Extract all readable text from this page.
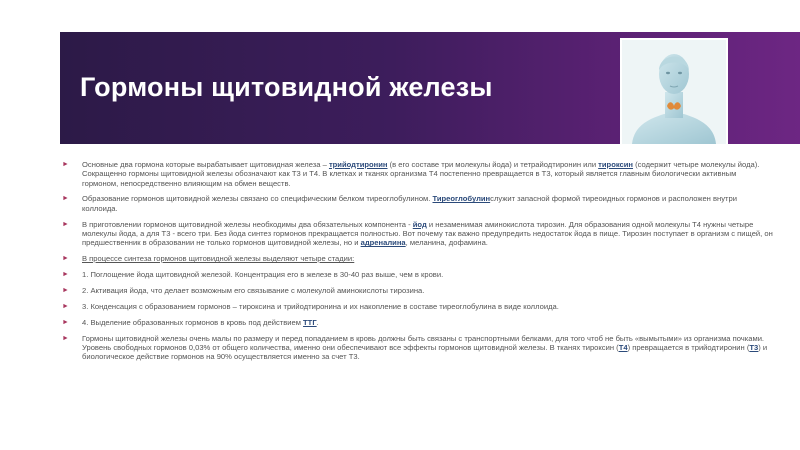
Гормоны щитовидной железы

► Основные два гормона которые вырабатывает щитовидная железа – трийодтиронин (в его составе три молекулы йода) и тетрайодтиронин или тироксин (содержит четыре молекулы йода). Сокращенно гормоны щитовидной железы обозначают как Т3 и Т4. В клетках и тканях организма Т4 постепенно превращается в Т3, который является главным биологически активным гормоном, непосредственно влияющим на обмен веществ.

► Образование гормонов щитовидной железы связано со специфическим белком тиреоглобулином. Тиреоглобулинслужит запасной формой тиреоидных гормонов и расположен внутри коллоида.

► В приготовлении гормонов щитовидной железы необходимы два обязательных компонента - йод и незаменимая аминокислота тирозин. Для образования одной молекулы Т4 нужны четыре молекулы йода, а для Т3 - всего три. Без йода синтез гормонов прекращается полностью. Вот почему так важно предупредить недостаток йода в пище. Тирозин поступает в организм с пищей, он предшественник в образовании не только гормонов щитовидной железы, но и адреналина, меланина, дофамина.

► В процессе синтеза гормонов щитовидной железы выделяют четыре стадии:

► 1. Поглощение йода щитовидной железой. Концентрация его в железе в 30-40 раз выше, чем в крови.

► 2. Активация йода, что делает возможным его связывание с молекулой аминокислоты тирозина.

► 3. Конденсация с образованием гормонов – тироксина и трийодтиронина и их накопление в составе тиреоглобулина в виде коллоида.

► 4. Выделение образованных гормонов в кровь под действием ТТГ.

► Гормоны щитовидной железы очень малы по размеру и перед попаданием в кровь должны быть связаны с транспортными белками, для того чтоб не быть «вымытыми» из организма почками. Уровень свободных гормонов 0,03% от общего количества, именно они обеспечивают все эффекты гормонов щитовидной железы. В тканях тироксин (Т4) превращается в трийодтиронин (Т3) и биологическое действие гормонов на 90% осуществляется именно за счет Т3.
